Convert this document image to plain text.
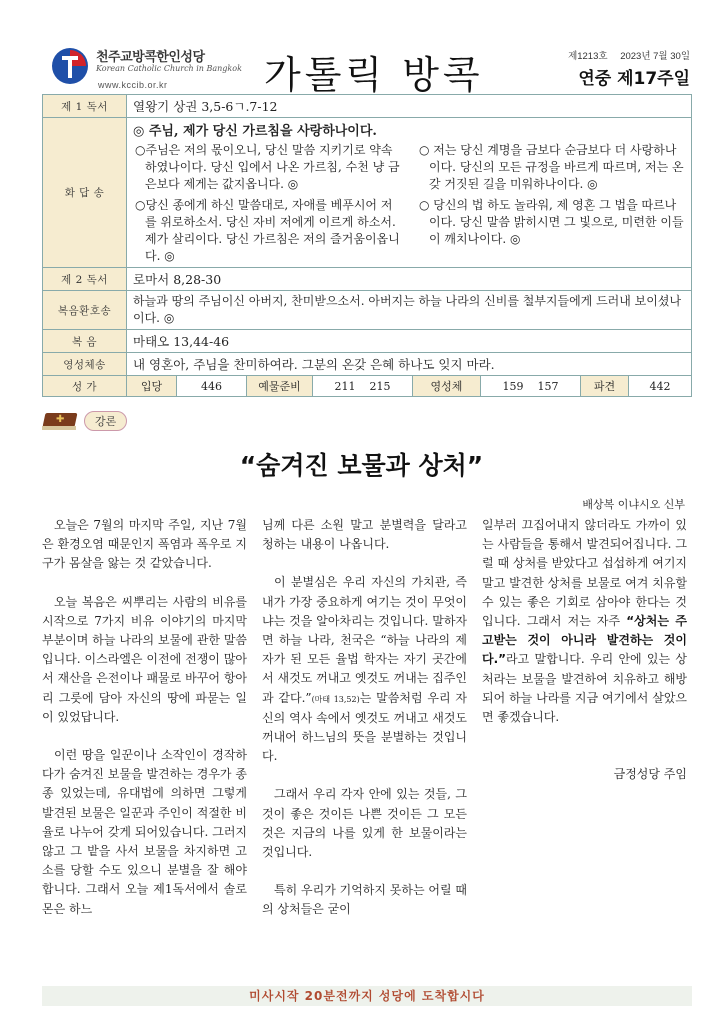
천주교방콕한인성당
Korean Catholic Church in Bangkok
www.kccib.or.kr	가톨릭 방콕	제1213호 2023년 7월 30일
연중 제17주일
제 1 독서	열왕기 상권 3,5-6ㄱ.7-12							
화 답 송	◎ 주님, 제가 당신 가르침을 사랑하나이다.
○주님은 저의 몫이오니, 당신 말씀 지키기로 약속하였나이다. 당신 입에서 나온 가르침, 수천 냥 금은보다 제게는 값지옵니다. ◎
○ 저는 당신 계명을 금보다 순금보다 더 사랑하나이다. 당신의 모든 규정을 바르게 따르며, 저는 온갖 거짓된 길을 미워하나이다. ◎
○당신 종에게 하신 말씀대로, 자애를 베푸시어 저를 위로하소서. 당신 자비 저에게 이르게 하소서. 제가 살리이다. 당신 가르침은 저의 즐거움이옵니다. ◎
○ 당신의 법 하도 놀라워, 제 영혼 그 법을 따르나이다. 당신 말씀 밝히시면 그 빛으로, 미련한 이들이 깨치나이다. ◎							

제 2 독서	로마서 8,28-30							
복음환호송	하늘과 땅의 주님이신 아버지, 찬미받으소서. 아버지는 하늘 나라의 신비를 철부지들에게 드러내 보이셨나이다. ◎							
복 음	마태오 13,44-46							
영성체송	내 영혼아, 주님을 찬미하여라. 그분의 온갖 은혜 하나도 잊지 마라.							
성 가	입당	446	예물준비	211 215	영성체	159 157	파견	442
✚	강론
“숨겨진 보물과 상처”
배상복 이냐시오 신부

오늘은 7월의 마지막 주일, 지난 7월은 환경오염 때문인지 폭염과 폭우로 지구가 몸살을 앓는 것 같았습니다.

오늘 복음은 씨뿌리는 사람의 비유를 시작으로 7가지 비유 이야기의 마지막 부분이며 하늘 나라의 보물에 관한 말씀입니다. 이스라엘은 이전에 전쟁이 많아서 재산을 은전이나 패물로 바꾸어 항아리 그릇에 담아 자신의 땅에 파묻는 일이 있었답니다.

이런 땅을 일꾼이나 소작인이 경작하다가 숨겨진 보물을 발견하는 경우가 종종 있었는데, 유대법에 의하면 그렇게 발견된 보물은 일꾼과 주인이 적절한 비율로 나누어 갖게 되어있습니다. 그러지 않고 그 밭을 사서 보물을 차지하면 고소를 당할 수도 있으니 분별을 잘 해야 합니다. 그래서 오늘 제1독서에서 솔로몬은 하느

님께 다른 소원 말고 분별력을 달라고 청하는 내용이 나옵니다.

이 분별심은 우리 자신의 가치관, 즉 내가 가장 중요하게 여기는 것이 무엇이냐는 것을 알아차리는 것입니다. 말하자면 하늘 나라, 천국은 “하늘 나라의 제자가 된 모든 율법 학자는 자기 곳간에서 새것도 꺼내고 옛것도 꺼내는 집주인과 같다.”(마태 13,52)는 말씀처럼 우리 자신의 역사 속에서 옛것도 꺼내고 새것도 꺼내어 하느님의 뜻을 분별하는 것입니다.

그래서 우리 각자 안에 있는 것들, 그것이 좋은 것이든 나쁜 것이든 그 모든 것은 지금의 나를 있게 한 보물이라는 것입니다.

특히 우리가 기억하지 못하는 어릴 때의 상처들은 굳이

일부러 끄집어내지 않더라도 가까이 있는 사람들을 통해서 발견되어집니다. 그럴 때 상처를 받았다고 섭섭하게 여기지 말고 발견한 상처를 보물로 여겨 치유할 수 있는 좋은 기회로 삼아야 한다는 것입니다. 그래서 저는 자주 “상처는 주고받는 것이 아니라 발견하는 것이다.”라고 말합니다. 우리 안에 있는 상처라는 보물을 발견하여 치유하고 해방되어 하늘 나라를 지금 여기에서 살았으면 좋겠습니다.

금정성당 주임

미사시작 20분전까지 성당에 도착합시다
